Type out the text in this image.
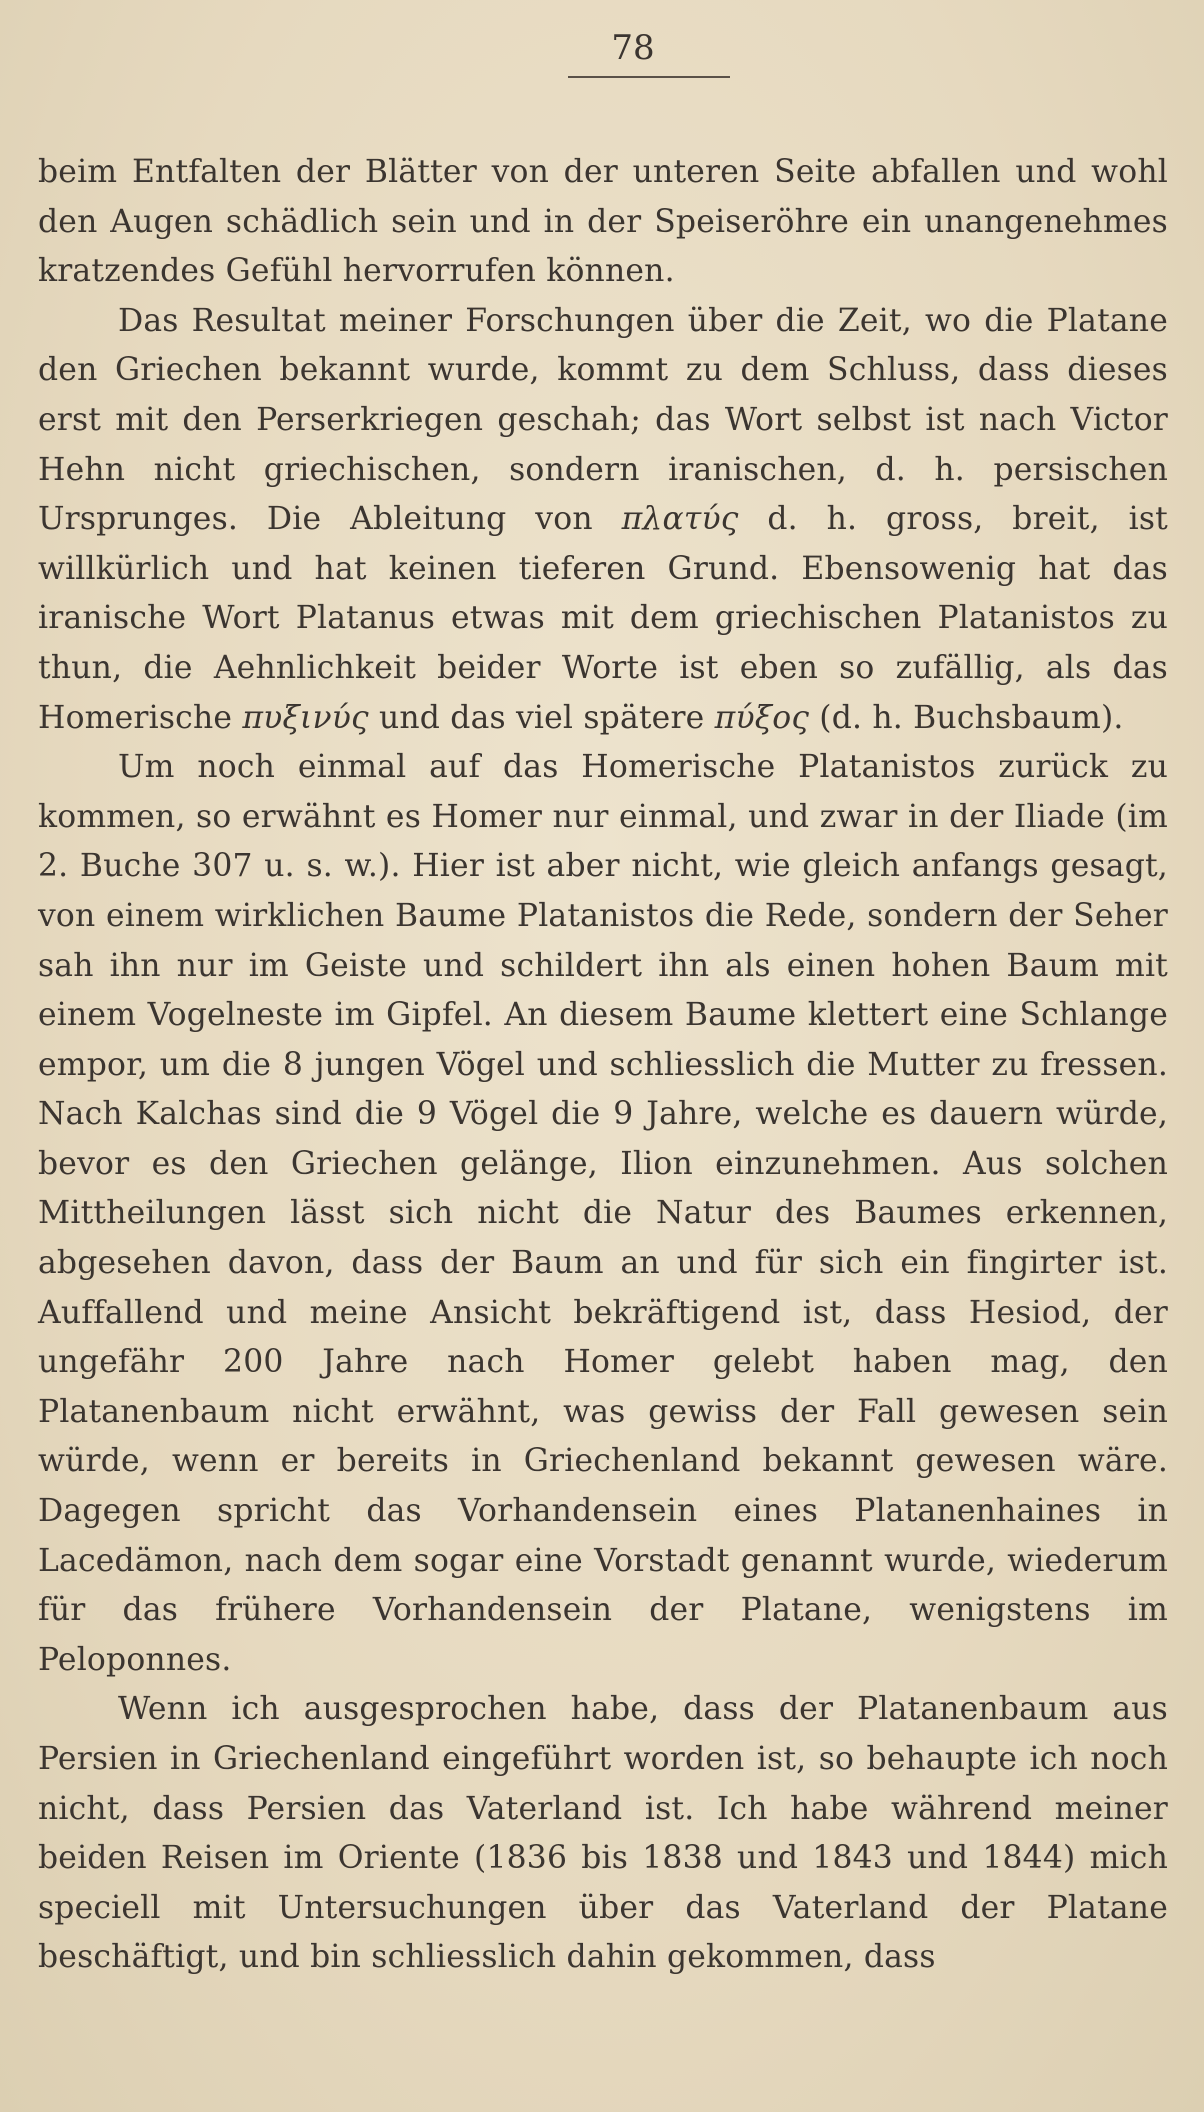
78

beim Entfalten der Blätter von der unteren Seite abfallen und wohl den Augen schädlich sein und in der Speiseröhre ein unangenehmes kratzendes Gefühl hervorrufen können.

Das Resultat meiner Forschungen über die Zeit, wo die Platane den Griechen bekannt wurde, kommt zu dem Schluss, dass dieses erst mit den Perserkriegen geschah; das Wort selbst ist nach Victor Hehn nicht griechischen, sondern iranischen, d. h. persischen Ursprunges. Die Ableitung von πλατύς d. h. gross, breit, ist willkürlich und hat keinen tieferen Grund. Ebensowenig hat das iranische Wort Platanus etwas mit dem griechischen Platanistos zu thun, die Aehnlichkeit beider Worte ist eben so zufällig, als das Homerische πυξινύς und das viel spätere πύξος (d. h. Buchsbaum).

Um noch einmal auf das Homerische Platanistos zurück zu kommen, so erwähnt es Homer nur einmal, und zwar in der Iliade (im 2. Buche 307 u. s. w.). Hier ist aber nicht, wie gleich anfangs gesagt, von einem wirklichen Baume Platanistos die Rede, sondern der Seher sah ihn nur im Geiste und schildert ihn als einen hohen Baum mit einem Vogelneste im Gipfel. An diesem Baume klettert eine Schlange empor, um die 8 jungen Vögel und schliesslich die Mutter zu fressen. Nach Kalchas sind die 9 Vögel die 9 Jahre, welche es dauern würde, bevor es den Griechen gelänge, Ilion einzunehmen. Aus solchen Mittheilungen lässt sich nicht die Natur des Baumes erkennen, abgesehen davon, dass der Baum an und für sich ein fingirter ist. Auffallend und meine Ansicht bekräftigend ist, dass Hesiod, der ungefähr 200 Jahre nach Homer gelebt haben mag, den Platanenbaum nicht erwähnt, was gewiss der Fall gewesen sein würde, wenn er bereits in Griechenland bekannt gewesen wäre. Dagegen spricht das Vorhandensein eines Platanenhaines in Lacedämon, nach dem sogar eine Vorstadt genannt wurde, wiederum für das frühere Vorhandensein der Platane, wenigstens im Peloponnes.

Wenn ich ausgesprochen habe, dass der Platanenbaum aus Persien in Griechenland eingeführt worden ist, so behaupte ich noch nicht, dass Persien das Vaterland ist. Ich habe während meiner beiden Reisen im Oriente (1836 bis 1838 und 1843 und 1844) mich speciell mit Untersuchungen über das Vaterland der Platane beschäftigt, und bin schliesslich dahin gekommen, dass
